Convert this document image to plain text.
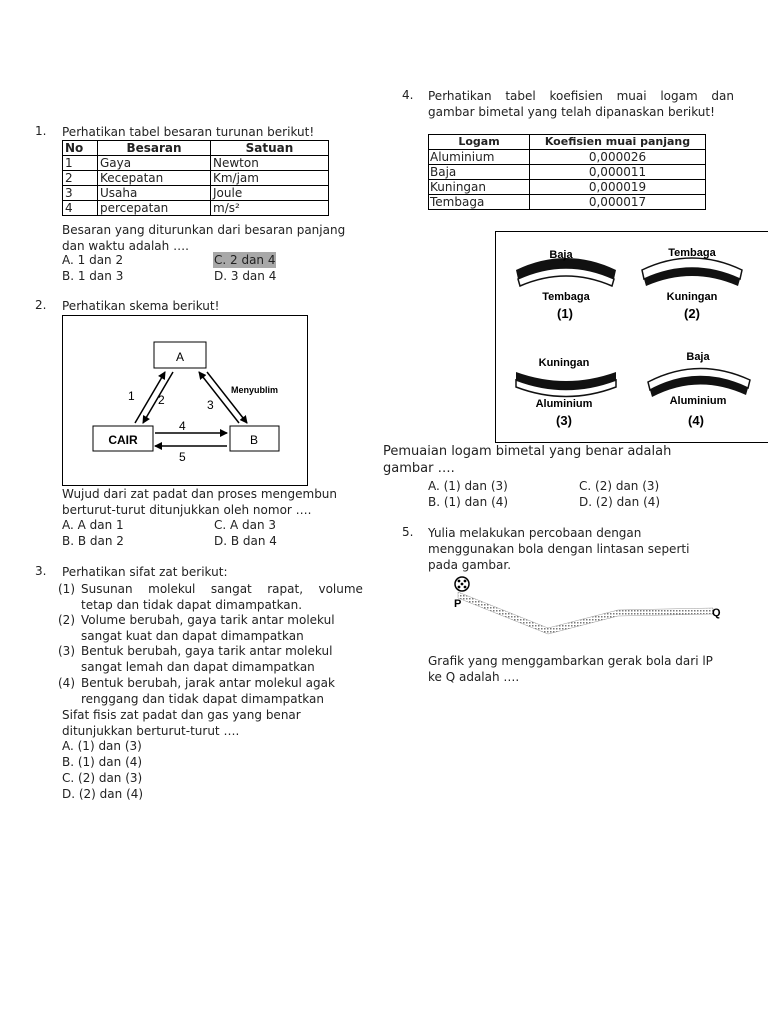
1. Perhatikan tabel besaran turunan berikut!
No	Besaran	Satuan
1	Gaya	Newton
2	Kecepatan	Km/jam
3	Usaha	Joule
4	percepatan	m/s²
Besaran yang diturunkan dari besaran panjang
dan waktu adalah ….
A. 1 dan 2
B. 1 dan 3
C. 2 dan 4
D. 3 dan 4
2. Perhatikan skema berikut!
A
CAIR	B
1 2	3
4
5
Menyublim
Wujud dari zat padat dan proses mengembun
berturut-turut ditunjukkan oleh nomor ….
A. A dan 1
B. B dan 2
C. A dan 3
D. B dan 4
3. Perhatikan sifat zat berikut:
(1) Susunan molekul sangat rapat, volume
tetap dan tidak dapat dimampatkan.
(2) Volume berubah, gaya tarik antar molekul
sangat kuat dan dapat dimampatkan
(3) Bentuk berubah, gaya tarik antar molekul
sangat lemah dan dapat dimampatkan
(4) Bentuk berubah, jarak antar molekul agak
renggang dan tidak dapat dimampatkan
Sifat fisis zat padat dan gas yang benar
ditunjukkan berturut-turut ….
A. (1) dan (3)
B. (1) dan (4)
C. (2) dan (3)
D. (2) dan (4)
4. Perhatikan tabel koefisien muai logam dan
gambar bimetal yang telah dipanaskan berikut!
Logam	Koefisien muai panjang
Aluminium	0,000026
Baja	0,000011
Kuningan	0,000019
Tembaga	0,000017
Baja
Tembaga
(1)
Tembaga
Kuningan
(2)
Kuningan
Aluminium
(3)
Baja
Aluminium
(4)
Pemuaian logam bimetal yang benar adalah
gambar ….
A. (1) dan (3)
B. (1) dan (4)
C. (2) dan (3)
D. (2) dan (4)
5. Yulia melakukan percobaan dengan
menggunakan bola dengan lintasan seperti
pada gambar.
P
Q
Grafik yang menggambarkan gerak bola dari lP
ke Q adalah ….
